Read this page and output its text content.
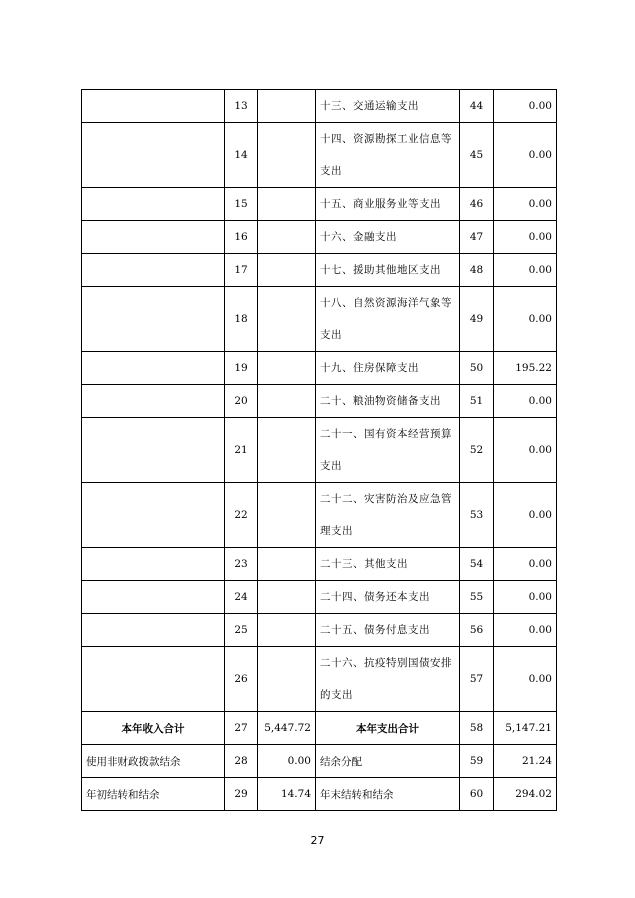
	13		十三、交通运输支出	44	0.00
	14		十四、资源勘探工业信息等支出	45	0.00
	15		十五、商业服务业等支出	46	0.00
	16		十六、金融支出	47	0.00
	17		十七、援助其他地区支出	48	0.00
	18		十八、自然资源海洋气象等支出	49	0.00
	19		十九、住房保障支出	50	195.22
	20		二十、粮油物资储备支出	51	0.00
	21		二十一、国有资本经营预算支出	52	0.00
	22		二十二、灾害防治及应急管理支出	53	0.00
	23		二十三、其他支出	54	0.00
	24		二十四、债务还本支出	55	0.00
	25		二十五、债务付息支出	56	0.00
	26		二十六、抗疫特别国债安排的支出	57	0.00
本年收入合计	27	5,447.72	本年支出合计	58	5,147.21
使用非财政拨款结余	28	0.00	结余分配	59	21.24
年初结转和结余	29	14.74	年末结转和结余	60	294.02
27
